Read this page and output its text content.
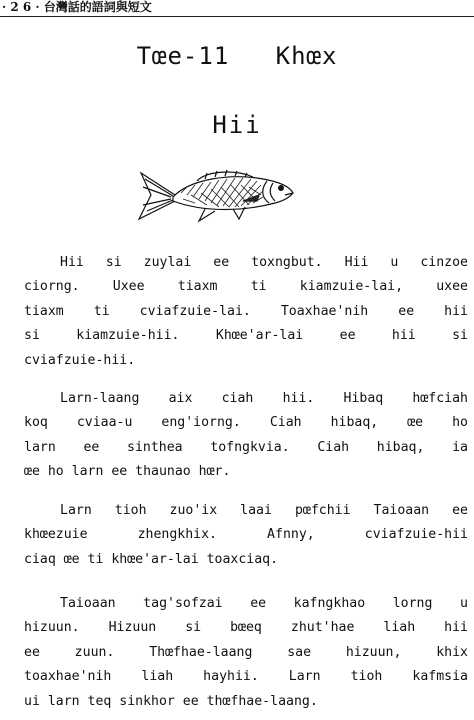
· 2 6 · 台灣話的語詞與短文
Tœe-11   Khœx
Hii
Hii si zuylai ee toxngbut. Hii u cinzoe
ciorng. Uxee tiaxm ti kiamzuie-lai, uxee
tiaxm ti cviafzuie-lai. Toaxhae'nih ee hii
si kiamzuie-hii. Khœe'ar-lai ee hii si
cviafzuie-hii.
Larn-laang aix ciah hii. Hibaq hœfciah
koq cviaa-u eng'iorng. Ciah hibaq, œe ho
larn ee sinthea tofngkvia. Ciah hibaq, ia
œe ho larn ee thaunao hœr.
Larn tioh zuo'ix laai pœfchii Taioaan ee
khœezuie zhengkhix. Afnny, cviafzuie-hii
ciaq œe ti khœe'ar-lai toaxciaq.
Taioaan tag'sofzai ee kafngkhao lorng u
hizuun. Hizuun si bœeq zhut'hae liah hii
ee zuun. Thœfhae-laang sae hizuun, khix
toaxhae'nih liah hayhii. Larn tioh kafmsia
ui larn teq sinkhor ee thœfhae-laang.
